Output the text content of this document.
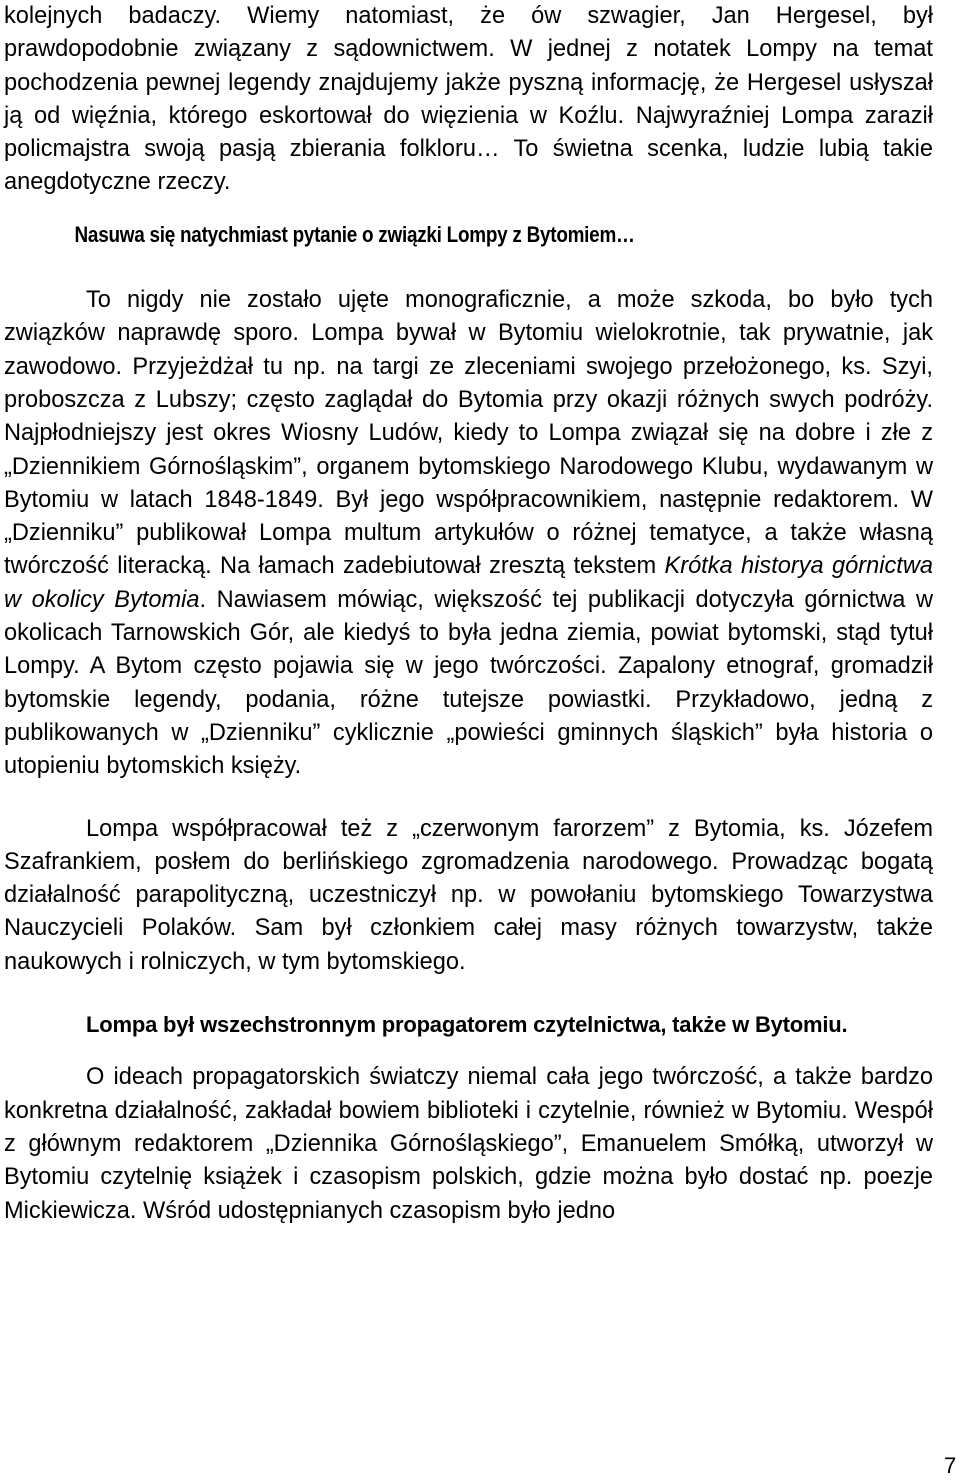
kolejnych badaczy. Wiemy natomiast, że ów szwagier, Jan Hergesel, był prawdopodobnie związany z sądownictwem. W jednej z notatek Lompy na temat pochodzenia pewnej legendy znajdujemy jakże pyszną informację, że Hergesel usłyszał ją od więźnia, którego eskortował do więzienia w Koźlu. Najwyraźniej Lompa zaraził policmajstra swoją pasją zbierania folkloru… To świetna scenka, ludzie lubią takie anegdotyczne rzeczy.

Nasuwa się natychmiast pytanie o związki Lompy z Bytomiem…

To nigdy nie zostało ujęte monograficznie, a może szkoda, bo było tych związków naprawdę sporo. Lompa bywał w Bytomiu wielokrotnie, tak prywatnie, jak zawodowo. Przyjeżdżał tu np. na targi ze zleceniami swojego przełożonego, ks. Szyi, proboszcza z Lubszy; często zaglądał do Bytomia przy okazji różnych swych podróży. Najpłodniejszy jest okres Wiosny Ludów, kiedy to Lompa związał się na dobre i złe z „Dziennikiem Górnośląskim”, organem bytomskiego Narodowego Klubu, wydawanym w Bytomiu w latach 1848-1849. Był jego współpracownikiem, następnie redaktorem. W „Dzienniku” publikował Lompa multum artykułów o różnej tematyce, a także własną twórczość literacką. Na łamach zadebiutował zresztą tekstem Krótka historya górnictwa w okolicy Bytomia. Nawiasem mówiąc, większość tej publikacji dotyczyła górnictwa w okolicach Tarnowskich Gór, ale kiedyś to była jedna ziemia, powiat bytomski, stąd tytuł Lompy. A Bytom często pojawia się w jego twórczości. Zapalony etnograf, gromadził bytomskie legendy, podania, różne tutejsze powiastki. Przykładowo, jedną z publikowanych w „Dzienniku” cyklicznie „powieści gminnych śląskich” była historia o utopieniu bytomskich księży.

Lompa współpracował też z „czerwonym farorzem” z Bytomia, ks. Józefem Szafrankiem, posłem do berlińskiego zgromadzenia narodowego. Prowadząc bogatą działalność parapolityczną, uczestniczył np. w powołaniu bytomskiego Towarzystwa Nauczycieli Polaków. Sam był członkiem całej masy różnych towarzystw, także naukowych i rolniczych, w tym bytomskiego.

Lompa był wszechstronnym propagatorem czytelnictwa, także w Bytomiu.

O ideach propagatorskich światczy niemal cała jego twórczość, a także bardzo konkretna działalność, zakładał bowiem biblioteki i czytelnie, również w Bytomiu. Wespół z głównym redaktorem „Dziennika Górnośląskiego”, Emanuelem Smółką, utworzył w Bytomiu czytelnię książek i czasopism polskich, gdzie można było dostać np. poezje Mickiewicza. Wśród udostępnianych czasopism było jedno

7
